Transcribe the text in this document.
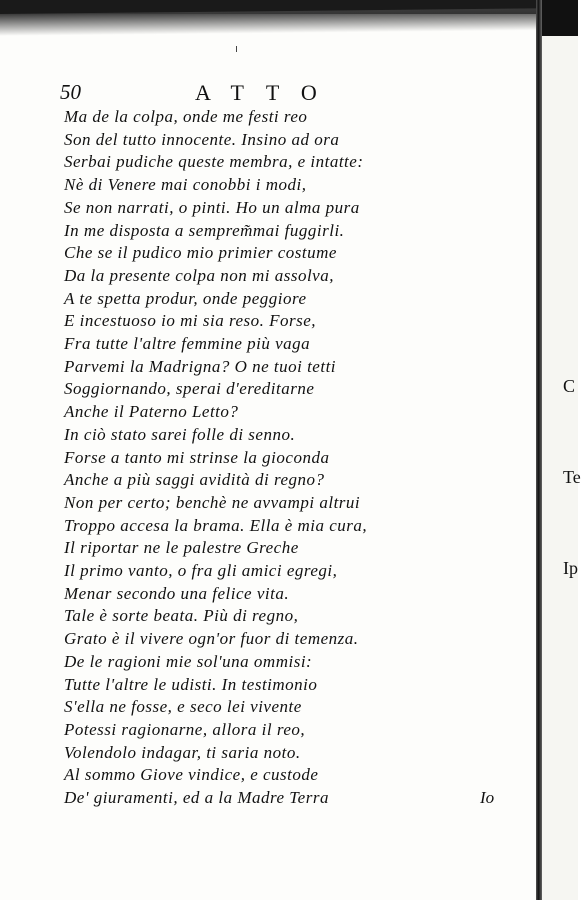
50	ATTO
Ma de la colpa, onde me festi reo
Son del tutto innocente. Insino ad ora
Serbai pudiche queste membra, e intatte:
Nè di Venere mai conobbi i modi,
Se non narrati, o pinti. Ho un alma pura
In me disposta a semprem̃mai fuggirli.
Che se il pudico mio primier costume
Da la presente colpa non mi assolva,
A te spetta produr, onde peggiore
E incestuoso io mi sia reso. Forse,
Fra tutte l'altre femmine più vaga
Parvemi la Madrigna? O ne tuoi tetti
Soggiornando, sperai d'ereditarne
Anche il Paterno Letto?
In ciò stato sarei folle di senno.
Forse a tanto mi strinse la gioconda
Anche a più saggi avidità di regno?
Non per certo; benchè ne avvampi altrui
Troppo accesa la brama. Ella è mia cura,
Il riportar ne le palestre Greche
Il primo vanto, o fra gli amici egregi,
Menar secondo una felice vita.
Tale è sorte beata. Più di regno,
Grato è il vivere ogn'or fuor di temenza.
De le ragioni mie sol'una ommisi:
Tutte l'altre le udisti. In testimonio
S'ella ne fosse, e seco lei vivente
Potessi ragionarne, allora il reo,
Volendolo indagar, ti saria noto.
Al sommo Giove vindice, e custode
De' giuramenti, ed a la Madre Terra	Io
C
Te
Ip
